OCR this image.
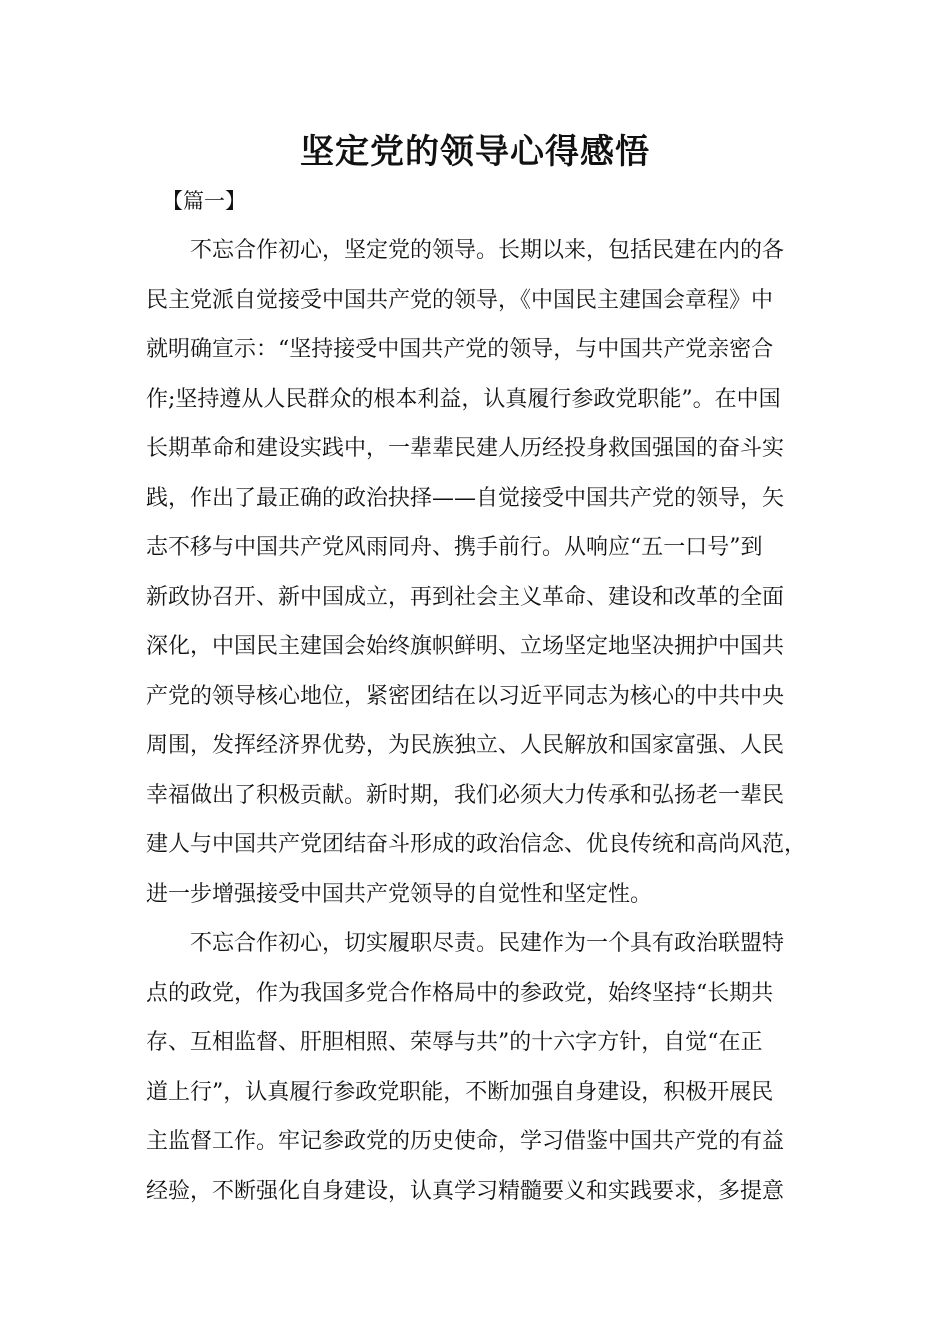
坚定党的领导心得感悟

【篇一】

不忘合作初心，坚定党的领导。长期以来，包括民建在内的各
民主党派自觉接受中国共产党的领导，《中国民主建国会章程》中
就明确宣示：“坚持接受中国共产党的领导，与中国共产党亲密合
作;坚持遵从人民群众的根本利益，认真履行参政党职能”。在中国
长期革命和建设实践中，一辈辈民建人历经投身救国强国的奋斗实
践，作出了最正确的政治抉择——自觉接受中国共产党的领导，矢
志不移与中国共产党风雨同舟、携手前行。从响应“五一口号”到
新政协召开、新中国成立，再到社会主义革命、建设和改革的全面
深化，中国民主建国会始终旗帜鲜明、立场坚定地坚决拥护中国共
产党的领导核心地位，紧密团结在以习近平同志为核心的中共中央
周围，发挥经济界优势，为民族独立、人民解放和国家富强、人民
幸福做出了积极贡献。新时期，我们必须大力传承和弘扬老一辈民
建人与中国共产党团结奋斗形成的政治信念、优良传统和高尚风范，
进一步增强接受中国共产党领导的自觉性和坚定性。
不忘合作初心，切实履职尽责。民建作为一个具有政治联盟特
点的政党，作为我国多党合作格局中的参政党，始终坚持“长期共
存、互相监督、肝胆相照、荣辱与共”的十六字方针，自觉“在正
道上行”，认真履行参政党职能，不断加强自身建设，积极开展民
主监督工作。牢记参政党的历史使命，学习借鉴中国共产党的有益
经验，不断强化自身建设，认真学习精髓要义和实践要求，多提意
